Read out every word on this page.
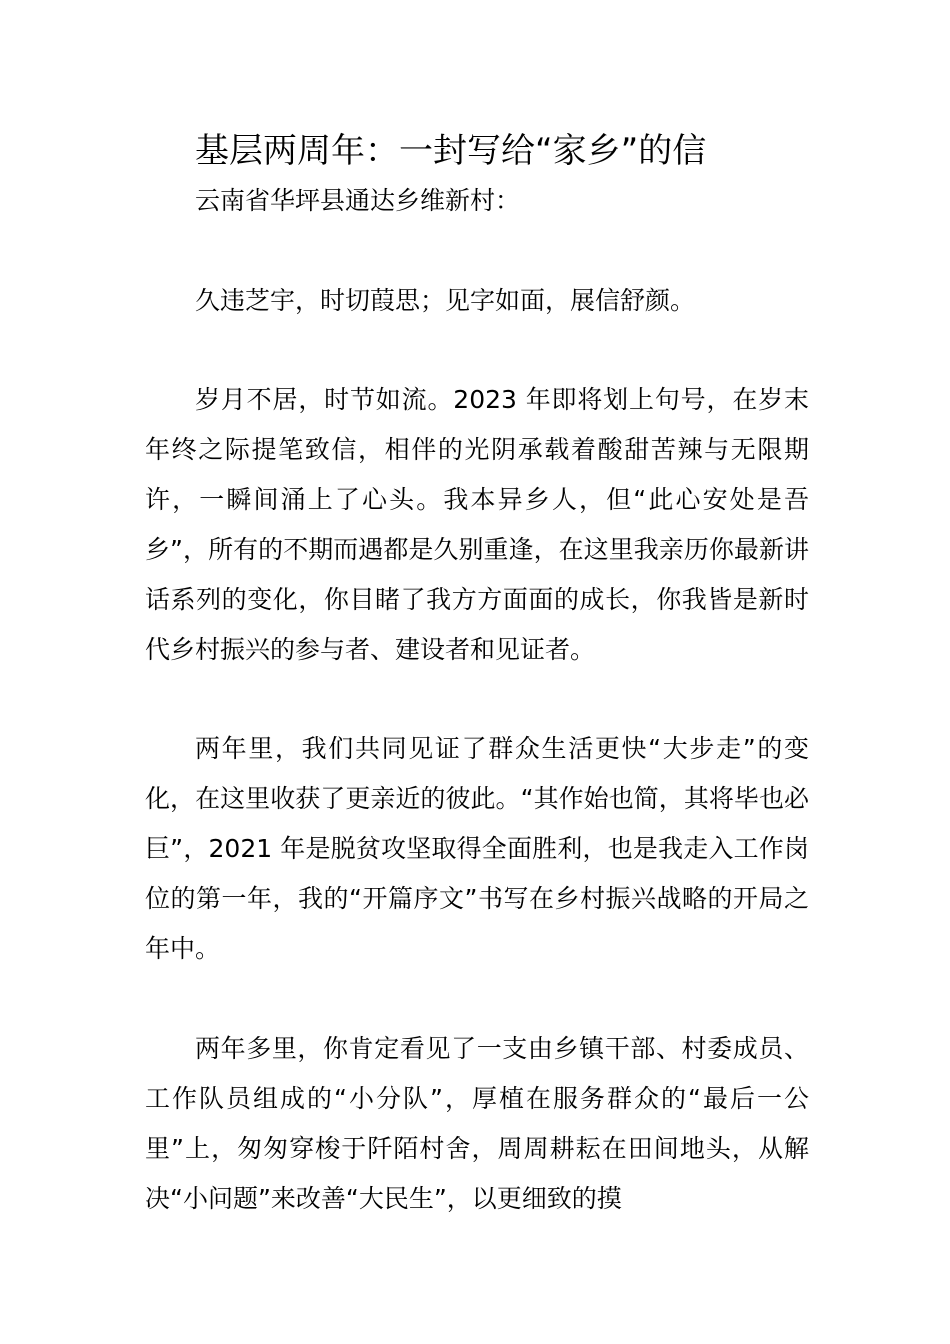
基层两周年：一封写给“家乡”的信
云南省华坪县通达乡维新村：

久违芝宇，时切葭思；见字如面，展信舒颜。

岁月不居，时节如流。2023 年即将划上句号，在岁末年终之际提笔致信，相伴的光阴承载着酸甜苦辣与无限期许，一瞬间涌上了心头。我本异乡人，但“此心安处是吾乡”，所有的不期而遇都是久别重逢，在这里我亲历你最新讲话系列的变化，你目睹了我方方面面的成长，你我皆是新时代乡村振兴的参与者、建设者和见证者。

两年里，我们共同见证了群众生活更快“大步走”的变化，在这里收获了更亲近的彼此。“其作始也简，其将毕也必巨”，2021 年是脱贫攻坚取得全面胜利，也是我走入工作岗位的第一年，我的“开篇序文”书写在乡村振兴战略的开局之年中。

两年多里，你肯定看见了一支由乡镇干部、村委成员、工作队员组成的“小分队”，厚植在服务群众的“最后一公里”上，匆匆穿梭于阡陌村舍，周周耕耘在田间地头，从解决“小问题”来改善“大民生”，以更细致的摸
